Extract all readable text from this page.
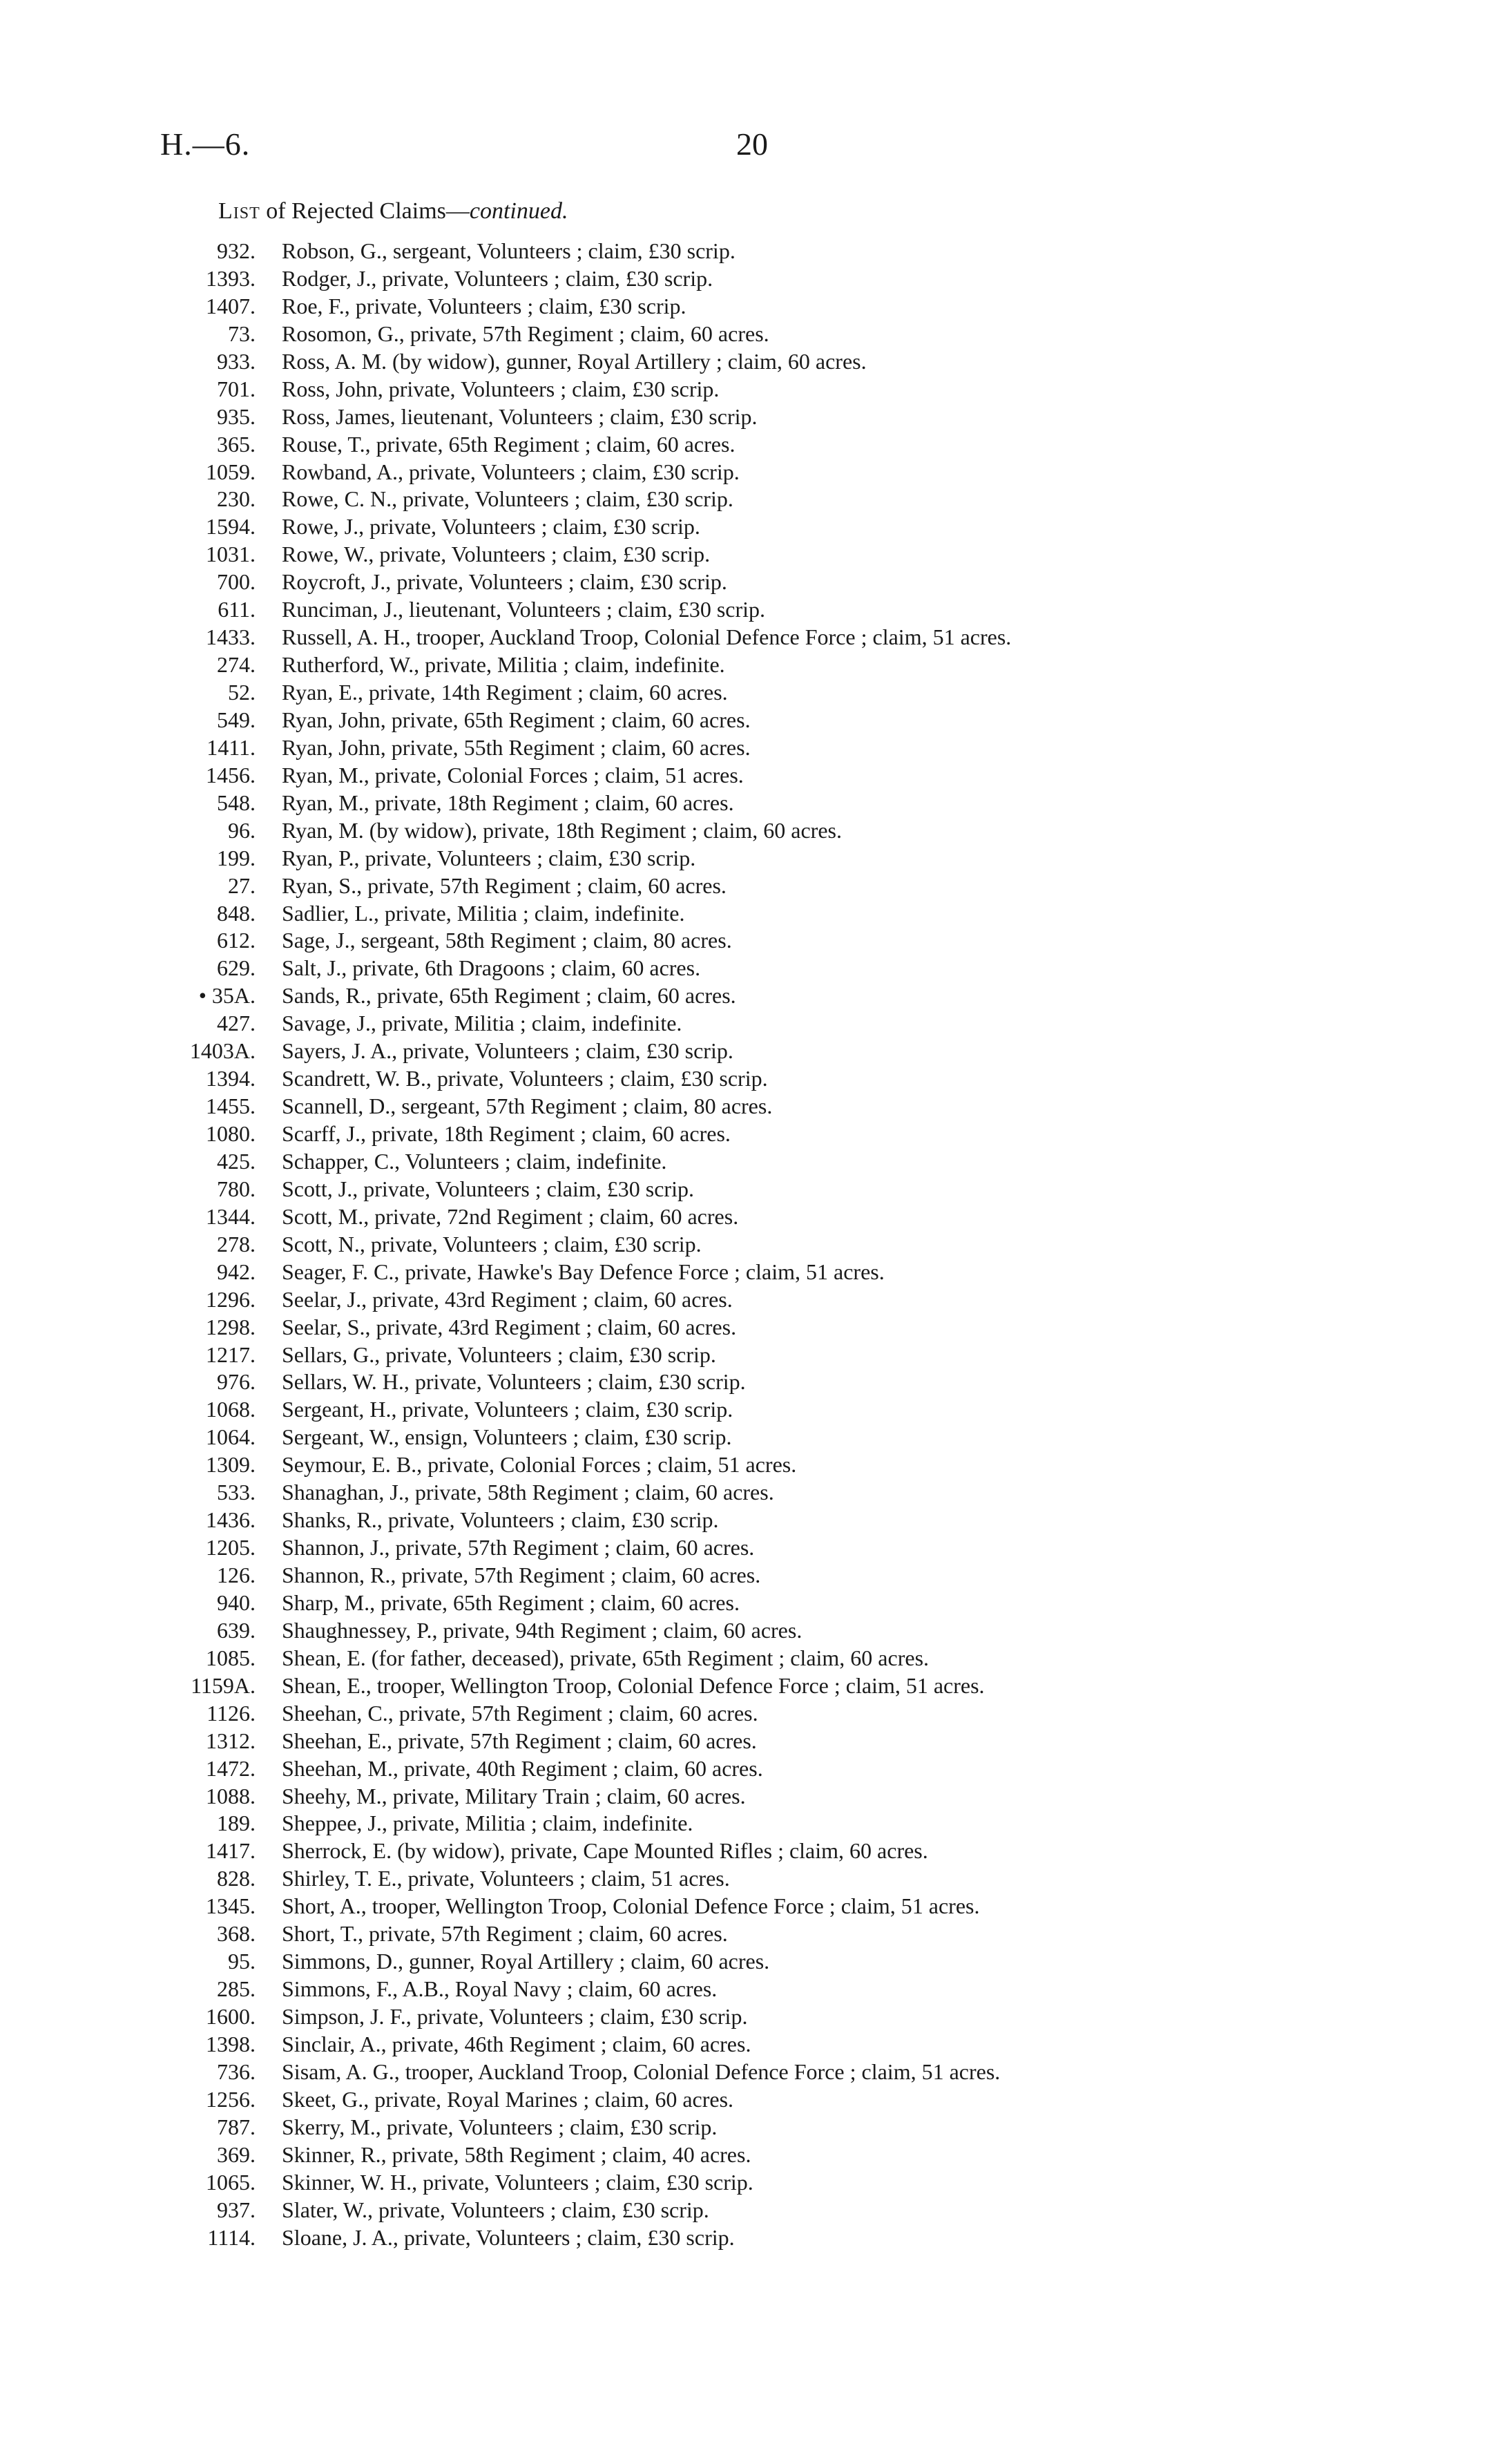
H.—6.	20
List of Rejected Claims—continued.
932.	Robson, G., sergeant, Volunteers ; claim, £30 scrip.
1393.	Rodger, J., private, Volunteers ; claim, £30 scrip.
1407.	Roe, F., private, Volunteers ; claim, £30 scrip.
73.	Rosomon, G., private, 57th Regiment ; claim, 60 acres.
933.	Ross, A. M. (by widow), gunner, Royal Artillery ; claim, 60 acres.
701.	Ross, John, private, Volunteers ; claim, £30 scrip.
935.	Ross, James, lieutenant, Volunteers ; claim, £30 scrip.
365.	Rouse, T., private, 65th Regiment ; claim, 60 acres.
1059.	Rowband, A., private, Volunteers ; claim, £30 scrip.
230.	Rowe, C. N., private, Volunteers ; claim, £30 scrip.
1594.	Rowe, J., private, Volunteers ; claim, £30 scrip.
1031.	Rowe, W., private, Volunteers ; claim, £30 scrip.
700.	Roycroft, J., private, Volunteers ; claim, £30 scrip.
611.	Runciman, J., lieutenant, Volunteers ; claim, £30 scrip.
1433.	Russell, A. H., trooper, Auckland Troop, Colonial Defence Force ; claim, 51 acres.
274.	Rutherford, W., private, Militia ; claim, indefinite.
52.	Ryan, E., private, 14th Regiment ; claim, 60 acres.
549.	Ryan, John, private, 65th Regiment ; claim, 60 acres.
1411.	Ryan, John, private, 55th Regiment ; claim, 60 acres.
1456.	Ryan, M., private, Colonial Forces ; claim, 51 acres.
548.	Ryan, M., private, 18th Regiment ; claim, 60 acres.
96.	Ryan, M. (by widow), private, 18th Regiment ; claim, 60 acres.
199.	Ryan, P., private, Volunteers ; claim, £30 scrip.
27.	Ryan, S., private, 57th Regiment ; claim, 60 acres.
848.	Sadlier, L., private, Militia ; claim, indefinite.
612.	Sage, J., sergeant, 58th Regiment ; claim, 80 acres.
629.	Salt, J., private, 6th Dragoons ; claim, 60 acres.
• 35A.	Sands, R., private, 65th Regiment ; claim, 60 acres.
427.	Savage, J., private, Militia ; claim, indefinite.
1403A.	Sayers, J. A., private, Volunteers ; claim, £30 scrip.
1394.	Scandrett, W. B., private, Volunteers ; claim, £30 scrip.
1455.	Scannell, D., sergeant, 57th Regiment ; claim, 80 acres.
1080.	Scarff, J., private, 18th Regiment ; claim, 60 acres.
425.	Schapper, C., Volunteers ; claim, indefinite.
780.	Scott, J., private, Volunteers ; claim, £30 scrip.
1344.	Scott, M., private, 72nd Regiment ; claim, 60 acres.
278.	Scott, N., private, Volunteers ; claim, £30 scrip.
942.	Seager, F. C., private, Hawke's Bay Defence Force ; claim, 51 acres.
1296.	Seelar, J., private, 43rd Regiment ; claim, 60 acres.
1298.	Seelar, S., private, 43rd Regiment ; claim, 60 acres.
1217.	Sellars, G., private, Volunteers ; claim, £30 scrip.
976.	Sellars, W. H., private, Volunteers ; claim, £30 scrip.
1068.	Sergeant, H., private, Volunteers ; claim, £30 scrip.
1064.	Sergeant, W., ensign, Volunteers ; claim, £30 scrip.
1309.	Seymour, E. B., private, Colonial Forces ; claim, 51 acres.
533.	Shanaghan, J., private, 58th Regiment ; claim, 60 acres.
1436.	Shanks, R., private, Volunteers ; claim, £30 scrip.
1205.	Shannon, J., private, 57th Regiment ; claim, 60 acres.
126.	Shannon, R., private, 57th Regiment ; claim, 60 acres.
940.	Sharp, M., private, 65th Regiment ; claim, 60 acres.
639.	Shaughnessey, P., private, 94th Regiment ; claim, 60 acres.
1085.	Shean, E. (for father, deceased), private, 65th Regiment ; claim, 60 acres.
1159A.	Shean, E., trooper, Wellington Troop, Colonial Defence Force ; claim, 51 acres.
1126.	Sheehan, C., private, 57th Regiment ; claim, 60 acres.
1312.	Sheehan, E., private, 57th Regiment ; claim, 60 acres.
1472.	Sheehan, M., private, 40th Regiment ; claim, 60 acres.
1088.	Sheehy, M., private, Military Train ; claim, 60 acres.
189.	Sheppee, J., private, Militia ; claim, indefinite.
1417.	Sherrock, E. (by widow), private, Cape Mounted Rifles ; claim, 60 acres.
828.	Shirley, T. E., private, Volunteers ; claim, 51 acres.
1345.	Short, A., trooper, Wellington Troop, Colonial Defence Force ; claim, 51 acres.
368.	Short, T., private, 57th Regiment ; claim, 60 acres.
95.	Simmons, D., gunner, Royal Artillery ; claim, 60 acres.
285.	Simmons, F., A.B., Royal Navy ; claim, 60 acres.
1600.	Simpson, J. F., private, Volunteers ; claim, £30 scrip.
1398.	Sinclair, A., private, 46th Regiment ; claim, 60 acres.
736.	Sisam, A. G., trooper, Auckland Troop, Colonial Defence Force ; claim, 51 acres.
1256.	Skeet, G., private, Royal Marines ; claim, 60 acres.
787.	Skerry, M., private, Volunteers ; claim, £30 scrip.
369.	Skinner, R., private, 58th Regiment ; claim, 40 acres.
1065.	Skinner, W. H., private, Volunteers ; claim, £30 scrip.
937.	Slater, W., private, Volunteers ; claim, £30 scrip.
1114.	Sloane, J. A., private, Volunteers ; claim, £30 scrip.
